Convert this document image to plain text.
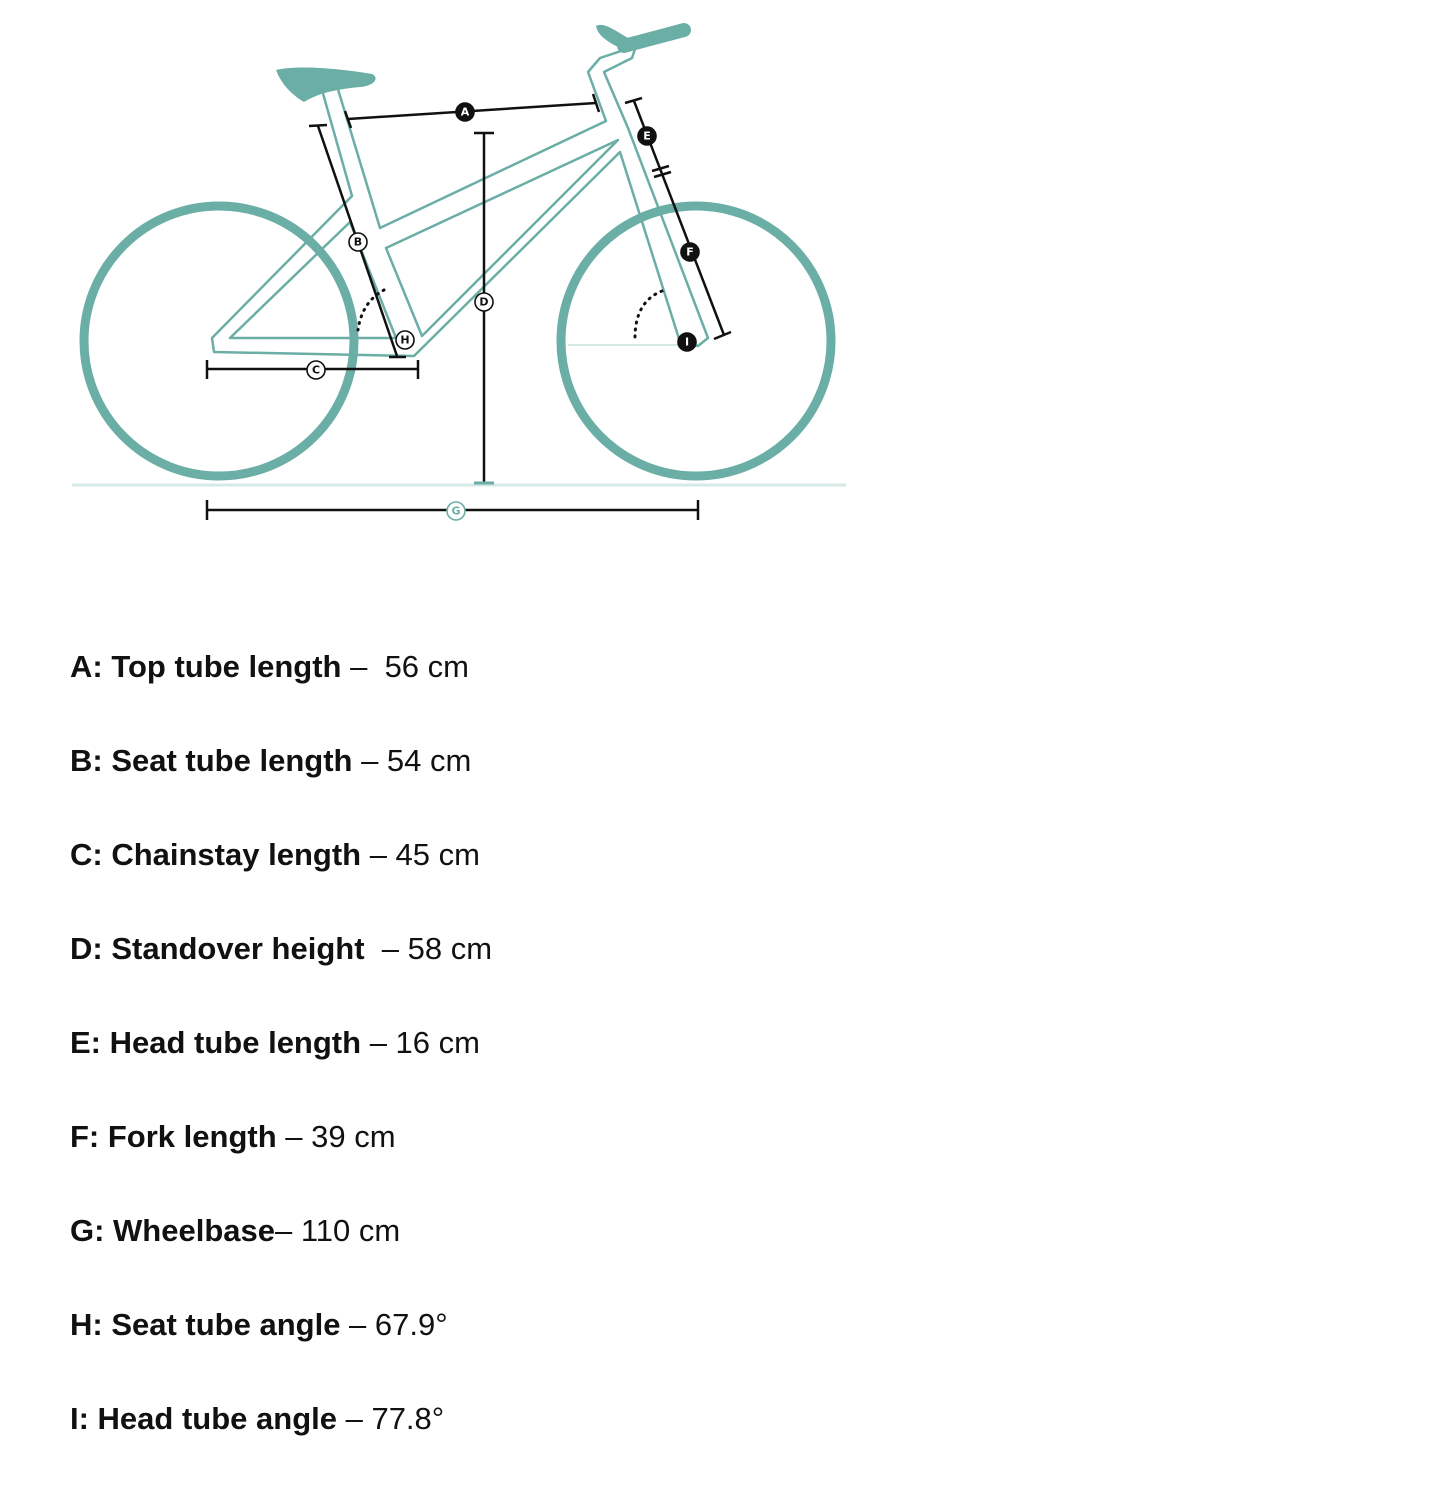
A
B
C
D
E
F
G
H	I
A: Top tube length –  56 cm
B: Seat tube length – 54 cm
C: Chainstay length – 45 cm
D: Standover height  – 58 cm
E: Head tube length – 16 cm
F: Fork length – 39 cm
G: Wheelbase– 110 cm
H: Seat tube angle – 67.9°
I: Head tube angle – 77.8°
